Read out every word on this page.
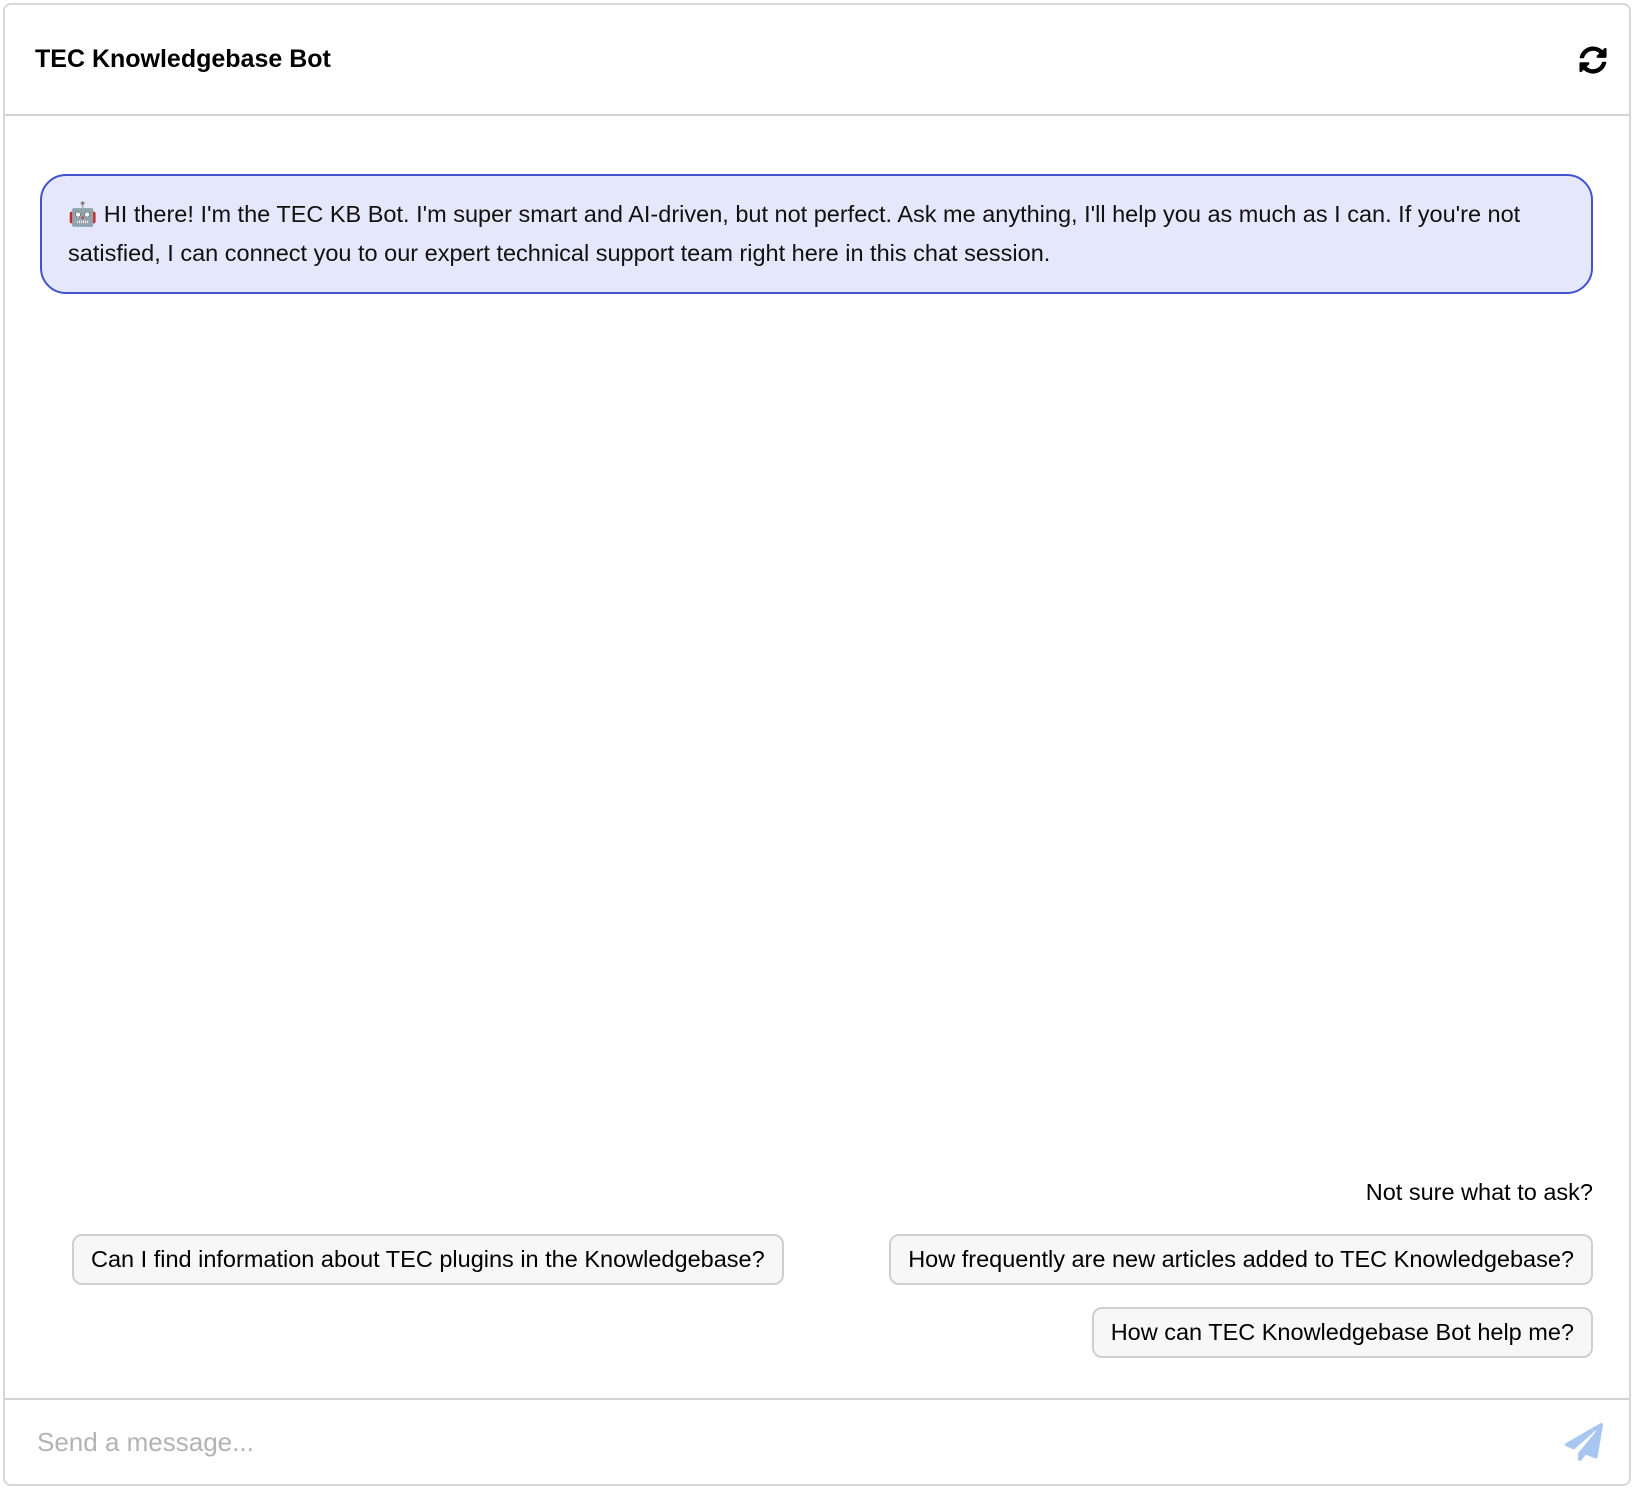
TEC Knowledgebase Bot
🤖 HI there! I'm the TEC KB Bot. I'm super smart and AI-driven, but not perfect. Ask me anything, I'll help you as much as I can. If you're not satisfied, I can connect you to our expert technical support team right here in this chat session.
Not sure what to ask?
Can I find information about TEC plugins in the Knowledgebase?	How frequently are new articles added to TEC Knowledgebase?
How can TEC Knowledgebase Bot help me?
Send a message...
